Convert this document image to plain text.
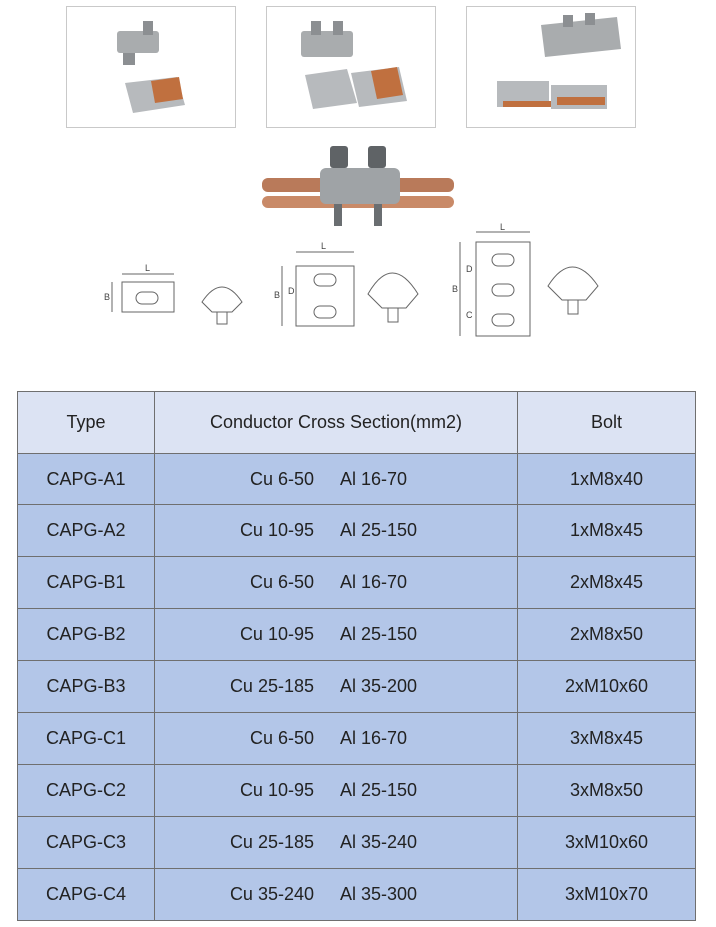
L
B
L
B D
L
B
D
C
Type	Conductor Cross Section(mm2)	Bolt
CAPG-A1	Cu 6-50 Al 16-70	1xM8x40
CAPG-A2	Cu 10-95 Al 25-150	1xM8x45
CAPG-B1	Cu 6-50 Al 16-70	2xM8x45
CAPG-B2	Cu 10-95 Al 25-150	2xM8x50
CAPG-B3	Cu 25-185 Al 35-200	2xM10x60
CAPG-C1	Cu 6-50 Al 16-70	3xM8x45
CAPG-C2	Cu 10-95 Al 25-150	3xM8x50
CAPG-C3	Cu 25-185 Al 35-240	3xM10x60
CAPG-C4	Cu 35-240 Al 35-300	3xM10x70
